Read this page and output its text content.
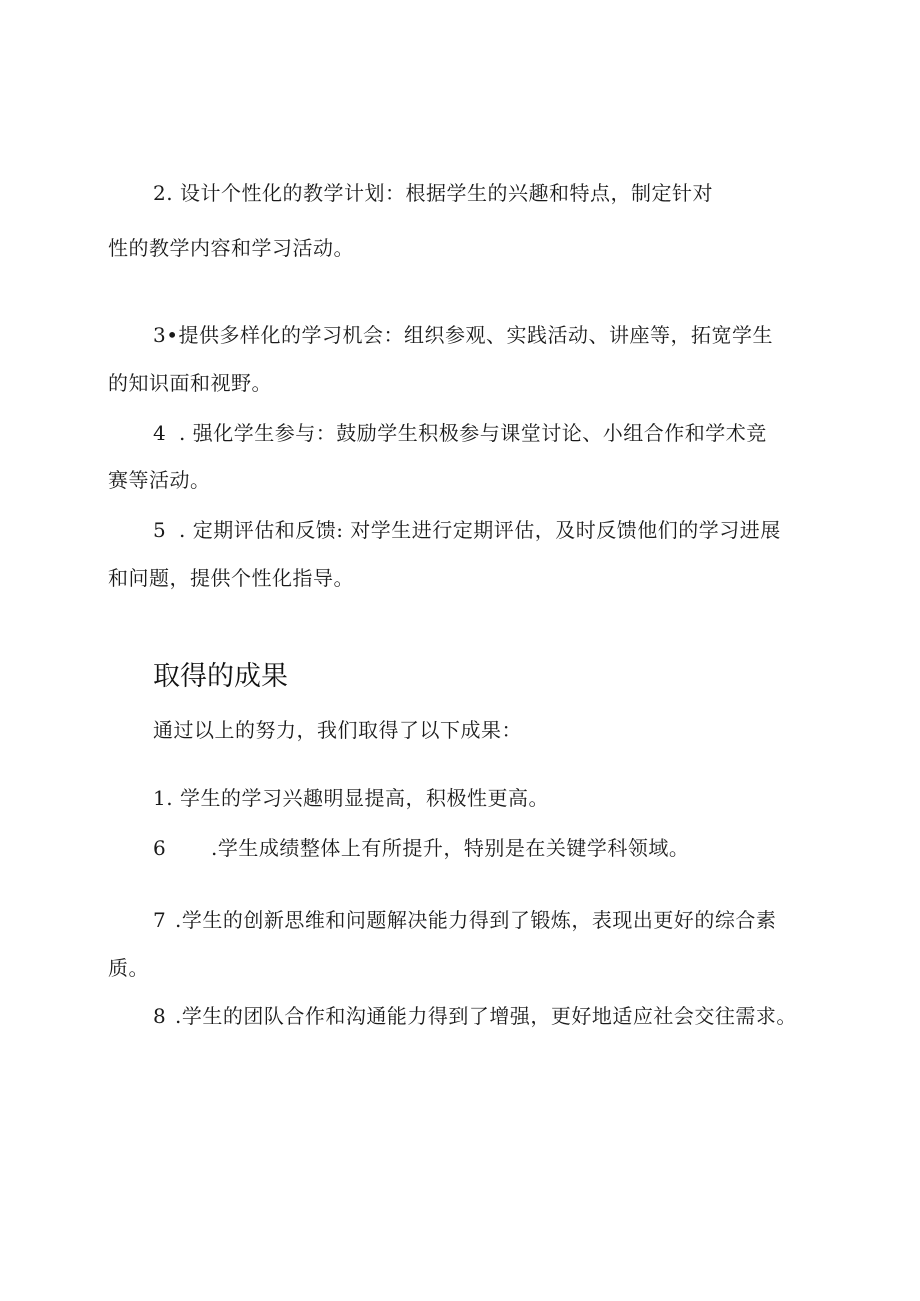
2. 设计个性化的教学计划：根据学生的兴趣和特点，制定针对
性的教学内容和学习活动。
3•提供多样化的学习机会：组织参观、实践活动、讲座等，拓宽学生
的知识面和视野。
4 . 强化学生参与：鼓励学生积极参与课堂讨论、小组合作和学术竞
赛等活动。
5 . 定期评估和反馈: 对学生进行定期评估，及时反馈他们的学习进展
和问题，提供个性化指导。
取得的成果
通过以上的努力，我们取得了以下成果：
1. 学生的学习兴趣明显提高，积极性更高。
6 .学生成绩整体上有所提升，特别是在关键学科领域。
7 .学生的创新思维和问题解决能力得到了锻炼，表现出更好的综合素
质。
8 .学生的团队合作和沟通能力得到了增强，更好地适应社会交往需求。
